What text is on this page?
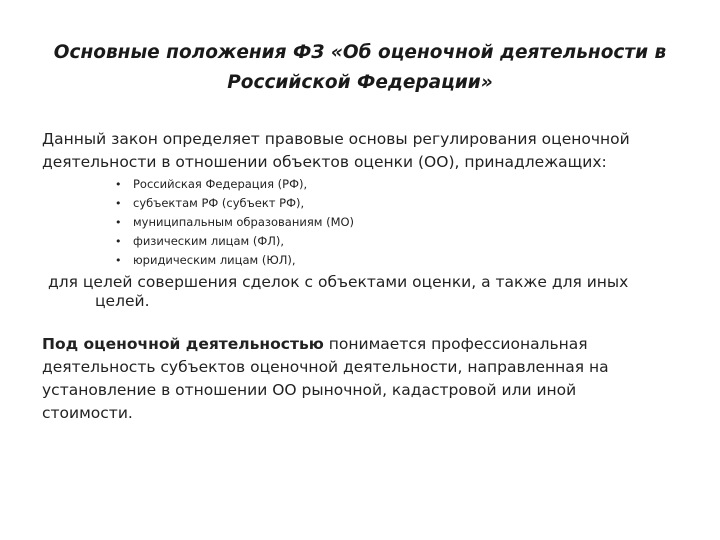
Основные положения ФЗ «Об оценочной деятельности в
Российской Федерации»
Данный закон определяет правовые основы регулирования оценочной
деятельности в отношении объектов оценки (ОО), принадлежащих:
• Российская Федерация (РФ),
• субъектам РФ (субъект РФ),
• муниципальным образованиям (МО)
• физическим лицам (ФЛ),
• юридическим лицам (ЮЛ),
для целей совершения сделок с объектами оценки, а также для иных
целей.
Под оценочной деятельностью понимается профессиональная
деятельность субъектов оценочной деятельности, направленная на
установление в отношении ОО рыночной, кадастровой или иной
стоимости.
